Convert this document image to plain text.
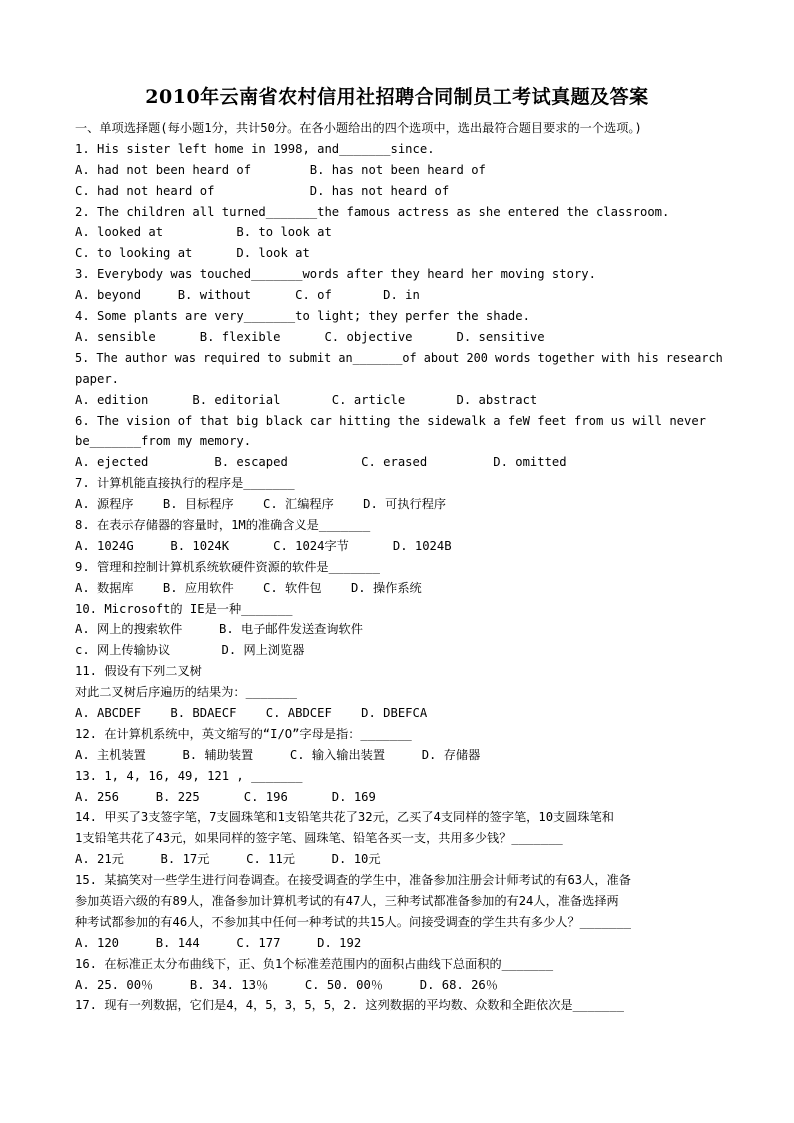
2010年云南省农村信用社招聘合同制员工考试真题及答案
一、单项选择题(每小题1分，共计50分。在各小题给出的四个选项中，选出最符合题目要求的一个选项。)
1. His sister left home in 1998, and_______since.
A. had not been heard of        B. has not been heard of
C. had not heard of             D. has not heard of
2. The children all turned_______the famous actress as she entered the classroom.
A. looked at          B. to look at
C. to looking at      D. look at
3. Everybody was touched_______words after they heard her moving story.
A. beyond     B. without      C. of       D. in
4. Some plants are very_______to light; they perfer the shade.
A. sensible      B. flexible      C. objective      D. sensitive
5. The author was required to submit an_______of about 200 words together with his research
paper.
A. edition      B. editorial       C. article       D. abstract
6. The vision of that big black car hitting the sidewalk a feW feet from us will never
be_______from my memory.
A. ejected         B. escaped          C. erased         D. omitted
7. 计算机能直接执行的程序是_______
A. 源程序    B. 目标程序    C. 汇编程序    D. 可执行程序
8. 在表示存储器的容量时，1M的准确含义是_______
A. 1024G     B. 1024K      C. 1024字节      D. 1024B
9. 管理和控制计算机系统软硬件资源的软件是_______
A. 数据库    B. 应用软件    C. 软件包    D. 操作系统
10. Microsoft的 IE是一种_______
A. 网上的搜索软件     B. 电子邮件发送查询软件
c. 网上传输协议       D. 网上浏览器
11. 假设有下列二叉树
对此二叉树后序遍历的结果为：_______
A. ABCDEF    B. BDAECF    C. ABDCEF    D. DBEFCA
12. 在计算机系统中，英文缩写的“I/O”字母是指：_______
A. 主机装置     B. 辅助装置     C. 输入输出装置     D. 存储器
13. 1, 4, 16, 49, 121 , _______
A. 256     B. 225      C. 196      D. 169
14. 甲买了3支签字笔，7支圆珠笔和1支铅笔共花了32元，乙买了4支同样的签字笔，10支圆珠笔和
1支铅笔共花了43元，如果同样的签字笔、圆珠笔、铅笔各买一支，共用多少钱？_______
A. 21元     B. 17元     C. 11元     D. 10元
15. 某搞笑对一些学生进行问卷调查。在接受调查的学生中，准备参加注册会计师考试的有63人，准备
参加英语六级的有89人，准备参加计算机考试的有47人，三种考试都准备参加的有24人，准备选择两
种考试都参加的有46人，不参加其中任何一种考试的共15人。问接受调查的学生共有多少人？_______
A. 120     B. 144     C. 177     D. 192
16. 在标准正太分布曲线下，正、负1个标准差范围内的面积占曲线下总面积的_______
A. 25. 00％     B. 34. 13％     C. 50. 00％     D. 68. 26％
17. 现有一列数据，它们是4，4，5，3，5，5，2. 这列数据的平均数、众数和全距依次是_______
